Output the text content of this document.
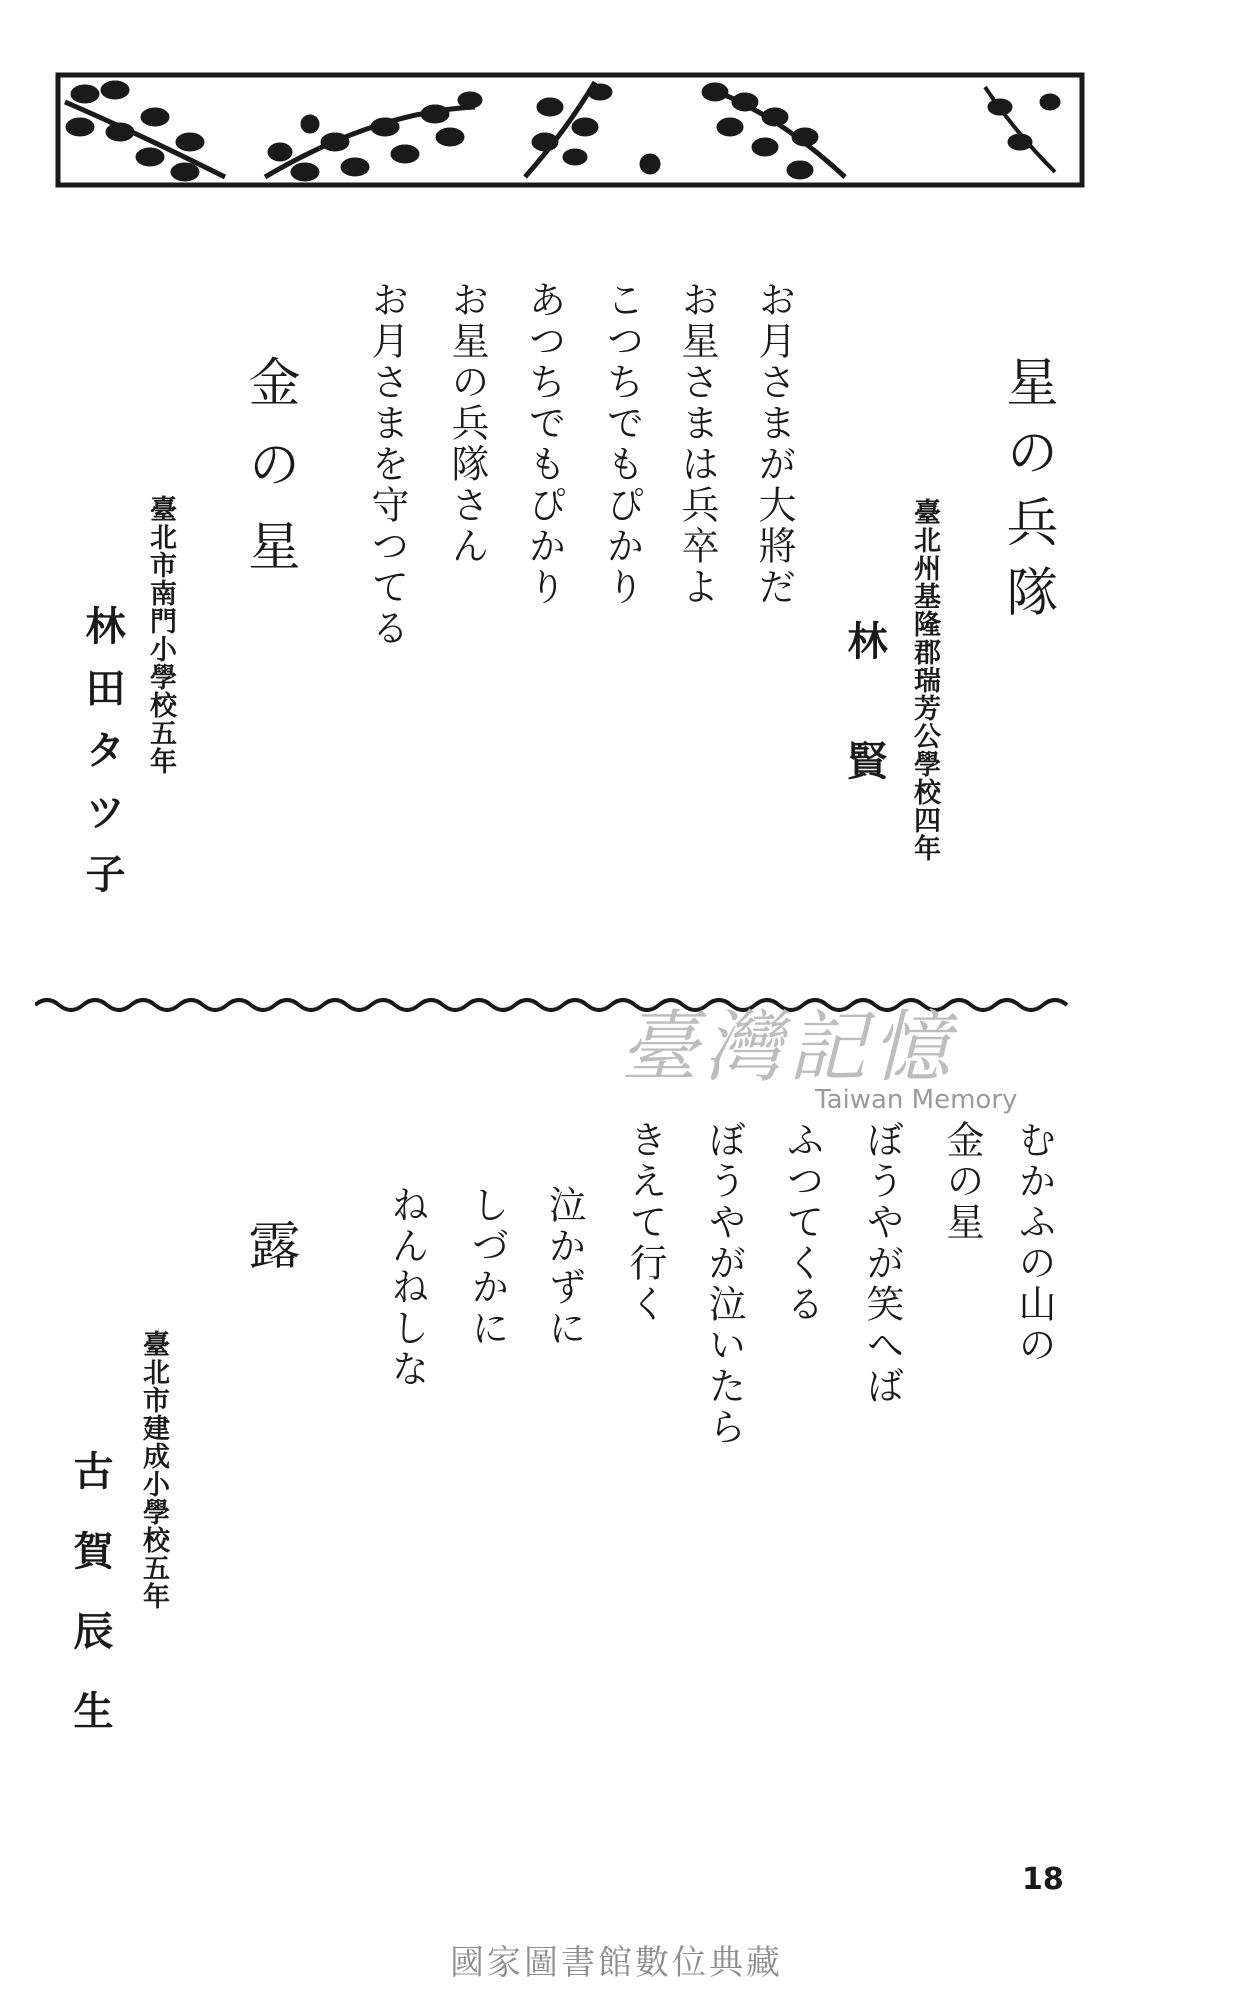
星の兵隊
臺北州基隆郡瑞芳公學校四年
林　　賢
お月さまが大將だ
お星さまは兵卒よ
こつちでもぴかり
あつちでもぴかり
お星の兵隊さん
お月さまを守つてる
金の星
臺北市南門小學校五年
林田タツ子
臺灣記憶
Taiwan Memory
むかふの山の
金の星
ぼうやが笑へば
ふつてくる
ぼうやが泣いたら
きえて行く
泣かずに
しづかに
ねんねしな
露
臺北市建成小學校五年
古　賀　辰　生
18
國家圖書館數位典藏
